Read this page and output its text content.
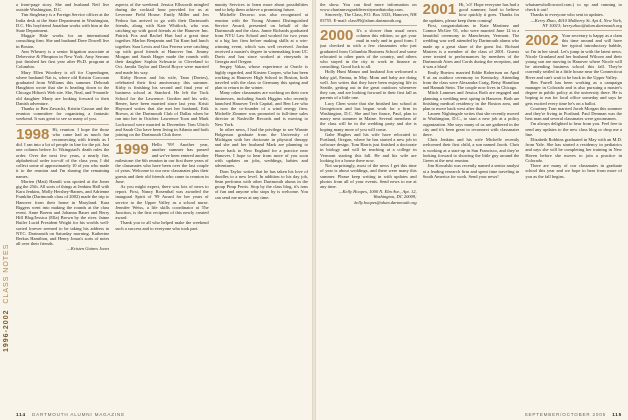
1996-2002  CLASS NOTES

a front-page story. She and husband Neil live outside Washington, D.C.

Tim Singletary is a Foreign Service officer at the India desk at the State Department in Washington, D.C. His boyfriend Jonathan works with him at the State Department.

Maggie Hale works for an international consulting firm. She and husband Dave Dowell live in Boston.

Ann Whearry is a senior litigation associate at Debevoise & Plimpton in New York. Amy Serrano just finished her first year after Ph.D. program at Columbia.

Mary Ellen Woodrey is off for Copenhagen, where husband Nat is, where old Kristin Corcoran graduated from Williams this summer. Deborah Haughton wrote that she is heading down to the Chicago Hilton's Web site. She, Neal, and 9-month-old daughter Marty are looking forward to their Danish adventure.

Thanks to Ben Zawacki, Kristin Casson and the reunion committee for organizing a fantastic weekend. It was great to see so many of you.

1998 Hi, reunion. I hope the those who came had as much fun reconnecting with friends as I did. I ran into a lot of people in line for the pit. Just one column before Jo Vikingstad's death rules the order. Over the next few years, a nearly fire, alphabetical order too-off of the class year, I did collect some of approximately 10 of you who made it to the reunion and I'm sharing the remaining names.

Morten (Matt) Hamilt was spotted at the Jones gig the 25th. All sorts of things at Jenkins Hall with Kara Jenkins, Molly Hershey-Barnes, and Adrienne Franklin (Dartmouth class of 2002) made the trip to Hanover from their home in Maryland. Kara Riggers went into making the rounds at the class event. Anne Boerm and Johanna Bauer and Berry Hill Blog/Jessica (Ella) Brown by the river. Jaime Butler Lucid President Wright for his worlds well-sorted forever seemed to be taking his address in NYC. Dartmouth on Saturday morning. Katherine Berkus Hamilton, and Henry Jonas's sorts of notes all over their friends.

—Kristen Gaines Jones

aspects of the weekend. Jessica Ellsworth mingled during the cocktail hour provided for us at Leverone Field House. Emily Miller and Jen Fedora has arrived to go with their Dartmouth friends, along with Kate Whitlock, who was catching up with good friends at the Hanover Inn. Patrick Fox and Rachel Hart had a great time together. Marlon Benjamin and Tat Karn had lunch together. Sara Lewis and Gus Ferrera were catching up with good friends at Hanover Inn. Jimmy Morgan and Sarah Hager made the rounds with their daughter Sophia Schwartz to Cleveland to Oct. Jamila Taylor and David Boyce were married and made his way.

Kirby Brown and his wife, Tana (Davies), celebrated their first anniversary this summer. Kirby is finishing his second and final year of business school at Stanford. He left the Tuck School for the Lawrence. Gordon and his wife, Renee, have been married since last year. Kristi Hayward writes that she met her husband, Erik Brown, at the Dartmouth Club of Dallas when he ran into her in October. Lawrence Toon and Mark Lockwood were married in December. Tom Ulrich and Sarah Cho have been living in Atlanta and both joining on the Dartmouth Club there.

1999 Hello '99! Another year, another summer has passed and we've been entered another milestone: the 6th reunion in our first three years of the classmates who have been over the last couple of years. Welcome to our new classmates plus their guests and their old friends who came to reunion in June.

As you might expect, there was lots of news to report. First, Nancy Rosenthal was awarded the inaugural Spirit of '99 Award for her years of service to the Upper Valley as a school nurse. Jennifer Weiss, a life skills coordinator at The Junction, is the first recipient of this newly created award.

Thank you to all who helped make the weekend such a success and to everyone who took part.

munity Services to learn more about possibilities and to help them achieve a promising future.

Michelle Decorso was also recognized at reunion with the Young Alumni Distinguished Service Award, presented on behalf of the Dartmouth and the class. Jamie Richards graduated from NYU Law School and worked for two years at a big law firm before making skills at a win-winning event, which was well received. Jordan received a master's degree in winemaking from UC Davis and has since worked at vineyards in Georgia and Oregon.

Sergey Vakar, whose experience at Oracle is highly regarded, and Kirsten Cooper, who has been working at Hanover High School in Boston, both traveled with the class to Germany this spring and plan to return in the winter.

Many other classmates are working on their own businesses, including Sarah Higgins who recently launched Hanover Tech Capital, and Ben Lee who is now the co-founder of a wind energy firm. Michelle Zimmer was promoted to full-time sales director at Nashville Records and is moving to New York.

In other news, I had the privilege to see Wasnie Holgerson graduate from the University of Michigan with her doctorate in physical therapy and she and her husband Mark are planning to move back to New England for a practice near Hanover. I hope to hear from more of you soon with updates on jobs, weddings, babies and adventures.

Dom Taylor writes that he has taken his love of doodles to a new level. In addition to his day job, Sean performs with other Dartmouth alums in the group Pimp Ferris. Stop by the class blog, it's tons of fun and anyone who stops by is welcome. You can send me news at any time.

114 DARTMOUTH ALUMNI MAGAZINE

the show. You can find more information on www.chartmnvsgraddiversitymediatoday.com.

Sincerely, The Class, P.O. Box 3333, Hanover, NH 03755. E-mail: class99@alum.dartmouth.org.

2000 It's a slower than usual news column this edition, so get your mail in early and in good form. I just checked in with a few classmates who just graduated from Columbia Business School and some relocated to other parts of the country, and others who stayed in the city to work in finance or consulting. Good luck to all.

Holly Hunt Manzo and husband Jon welcomed a baby girl, Emma, in May. Mom and baby are doing well. Jon writes that they have been enjoying life in Seattle, getting out in the great outdoors whenever they can, and are looking forward to their first fall as parents of a little one.

Lucy Chen wrote that she finished law school at Georgetown and has begun work for a firm in Washington, D.C. She and her fiance, Paul, plan to marry next summer in Maine. Several members of the class will be in the wedding party and she is hoping many more of you will come.

Gabe Hughes and his wife have relocated to Portland, Oregon, where he has started a new job in software design. Tom Harris just finished a doctorate in biology and will be teaching at a college in Vermont starting this fall. He and his wife are looking for a house there now.

Not surprisingly, most of the news I get this time of year is about weddings, and there were many this summer. Please keep writing in with updates and photos from all of your events. Send news to me at any time.

—Kelly Hoopes, 1000 N. Elm Ave., Apt. 12, Washington, DC 20009; kelly.hoopes@alum.dartmouth.org

2001 Hi, 'o1! Hope everyone has had a good summer; hard to believe how quickly it goes. Thanks for the updates, please keep them coming!

First, congratulations to Kate Martinez and Connor McGee '01, who were married June 12 in a beautiful ceremony in Manchester, Vermont. The wedding was well attended by Dartmouth alums who made up a great share of the guest list. Richard Masters is a member of the class of 2001. Guests were treated to performances by members of the Dartmouth Aires and Cords during the reception, and it was a blast!

Emily Buetow married Eddie Robertson on April 8 at an outdoor ceremony in Kentucky. Attending from the class were Alexandra Craig, Betsy Hamilton and Hannah Stein. The couple now lives in Chicago.

Mitch Lammes and Jessica Roth are engaged and planning a wedding next spring in Hanover. Both are finishing medical residency in the Boston area, and plan to move back west after that.

Lauren Nightingale writes that she recently moved to Washington, D.C., to start a new job at a policy organization. She says many of us are gathered in the city and it's been great to reconnect with classmates there.

Chris Jenkins and his wife Michelle recently welcomed their first child, a son named Jacob. Chris is working at a start-up in San Francisco, and they're looking forward to showing the little guy around the Green at the next reunion.

Jim Kowalski was recently named a senior analyst at a leading research firm and spent time traveling in South America for work. Send your news!

whatsnewhollowood.com.) to up and running to check it out!

Thanks to everyone who sent in updates.

—Kerry Zhao, 4010 Mulberry St. Apt 4, New York, NY 10013; kerry.zhao@alum.dartmouth.org

2002 Your secretary is happy as a clam this time around and will have her typical introductory babble, so I'm in her stead. Let's jump in with the latest news. Nicole Granland and her husband Wilcom and their young son are moving to Hanover where Nicole will be attending business school this fall. They're currently settled in a little house near the Connecticut River and can't wait to be back in the Upper Valley.

Ben Farrell has been working as a campaign manager in Colorado and is also pursuing a master's degree in public policy at the university there. He is hoping to run for local office someday and says he gets excited every time he's on a ballot.

Courtney Tran married Jacob Morgan this summer and they're living in Portland. Paul Denman was the best man and several classmates were groomsmen.

I'm always delighted to hear from you. Feel free to send any updates to the new class blog or drop me a line.

Elizabeth Robbins graduated in May with an M.D. from Yale. She has started a residency in pediatrics and says she will be completing her training in New Haven before she moves to join a practice in Colorado.

There are many of our classmates in graduate school this year and we hope to hear from more of you as the fall begins.

SEPTEMBER/OCTOBER 2005 115
